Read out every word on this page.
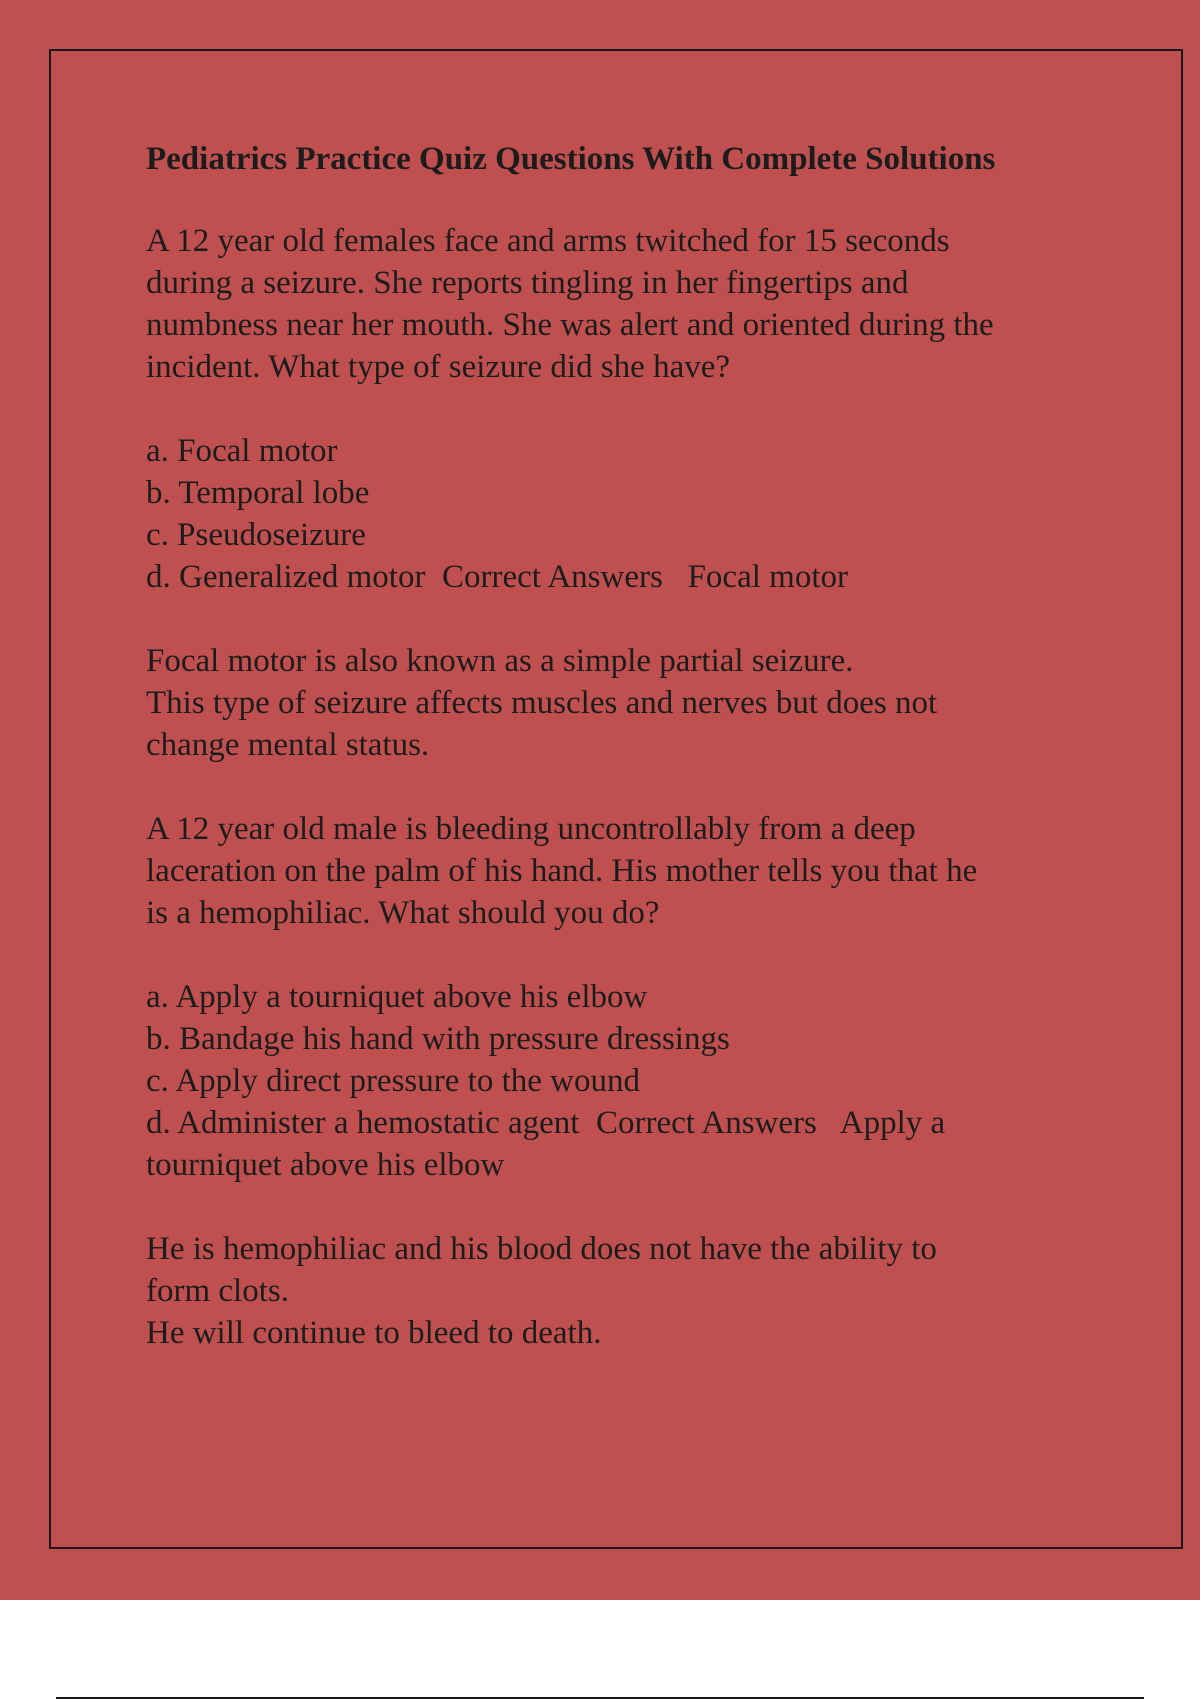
Pediatrics Practice Quiz Questions With Complete Solutions
A 12 year old females face and arms twitched for 15 seconds
during a seizure. She reports tingling in her fingertips and
numbness near her mouth. She was alert and oriented during the
incident. What type of seizure did she have?
a. Focal motor
b. Temporal lobe
c. Pseudoseizure
d. Generalized motor  Correct Answers   Focal motor
Focal motor is also known as a simple partial seizure.
This type of seizure affects muscles and nerves but does not
change mental status.
A 12 year old male is bleeding uncontrollably from a deep
laceration on the palm of his hand. His mother tells you that he
is a hemophiliac. What should you do?
a. Apply a tourniquet above his elbow
b. Bandage his hand with pressure dressings
c. Apply direct pressure to the wound
d. Administer a hemostatic agent  Correct Answers   Apply a
tourniquet above his elbow
He is hemophiliac and his blood does not have the ability to
form clots.
He will continue to bleed to death.
